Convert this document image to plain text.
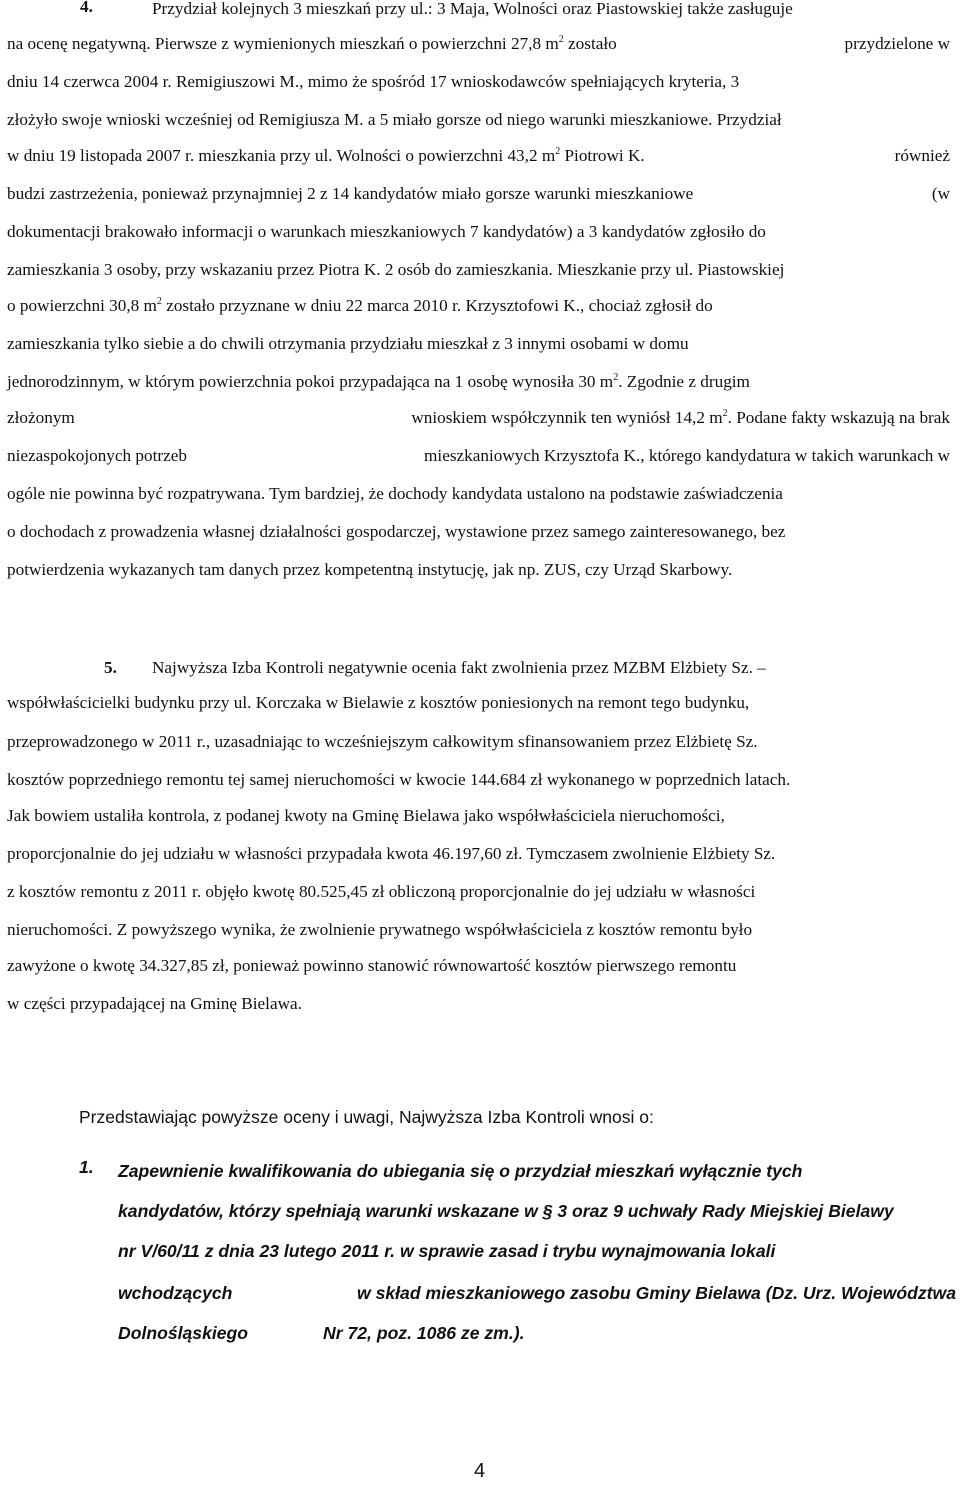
4.	Przydział kolejnych 3 mieszkań przy ul.: 3 Maja, Wolności oraz Piastowskiej także zasługuje
na ocenę negatywną. Pierwsze z wymienionych mieszkań o powierzchni 27,8 $m^2$ zostało	przydzielone w
dniu 14 czerwca 2004 r. Remigiuszowi M., mimo że spośród 17 wnioskodawców spełniających kryteria, 3
złożyło swoje wnioski wcześniej od Remigiusza M. a 5 miało gorsze od niego warunki mieszkaniowe. Przydział
w dniu 19 listopada 2007 r. mieszkania przy ul. Wolności o powierzchni 43,2 $m^2$ Piotrowi K.	również
budzi zastrzeżenia, ponieważ przynajmniej 2 z 14 kandydatów miało gorsze warunki mieszkaniowe	(w
dokumentacji brakowało informacji o warunkach mieszkaniowych 7 kandydatów) a 3 kandydatów zgłosiło do
zamieszkania 3 osoby, przy wskazaniu przez Piotra K. 2 osób do zamieszkania. Mieszkanie przy ul. Piastowskiej
o powierzchni 30,8 $m^2$ zostało przyznane w dniu 22 marca 2010 r. Krzysztofowi K., chociaż zgłosił do
zamieszkania tylko siebie a do chwili otrzymania przydziału mieszkał z 3 innymi osobami w domu
jednorodzinnym, w którym powierzchnia pokoi przypadająca na 1 osobę wynosiła 30 $m^2$. Zgodnie z drugim
złożonym	wnioskiem współczynnik ten wyniósł 14,2 $m^2$. Podane fakty wskazują na brak
niezaspokojonych potrzeb	mieszkaniowych Krzysztofa K., którego kandydatura w takich warunkach w
ogóle nie powinna być rozpatrywana. Tym bardziej, że dochody kandydata ustalono na podstawie zaświadczenia
o dochodach z prowadzenia własnej działalności gospodarczej, wystawione przez samego zainteresowanego, bez
potwierdzenia wykazanych tam danych przez kompetentną instytucję, jak np. ZUS, czy Urząd Skarbowy.
5. Najwyższa Izba Kontroli negatywnie ocenia fakt zwolnienia przez MZBM Elżbiety Sz. –
współwłaścicielki budynku przy ul. Korczaka w Bielawie z kosztów poniesionych na remont tego budynku,
przeprowadzonego w 2011 r., uzasadniając to wcześniejszym całkowitym sfinansowaniem przez Elżbietę Sz.
kosztów poprzedniego remontu tej samej nieruchomości w kwocie 144.684 zł wykonanego w poprzednich latach.
Jak bowiem ustaliła kontrola, z podanej kwoty na Gminę Bielawa jako współwłaściciela nieruchomości,
proporcjonalnie do jej udziału w własności przypadała kwota 46.197,60 zł. Tymczasem zwolnienie Elżbiety Sz.
z kosztów remontu z 2011 r. objęło kwotę 80.525,45 zł obliczoną proporcjonalnie do jej udziału w własności
nieruchomości. Z powyższego wynika, że zwolnienie prywatnego współwłaściciela z kosztów remontu było
zawyżone o kwotę 34.327,85 zł, ponieważ powinno stanowić równowartość kosztów pierwszego remontu
w części przypadającej na Gminę Bielawa.
Zapewnienie kwalifikowania do ubiegania się o przydział mieszkań wyłącznie tych
kandydatów, którzy spełniają warunki wskazane w § 3 oraz 9 uchwały Rady Miejskiej Bielawy
nr V/60/11 z dnia 23 lutego 2011 r. w sprawie zasad i trybu wynajmowania lokali
wchodzących	w skład mieszkaniowego zasobu Gminy Bielawa (Dz. Urz. Województwa
Dolnośląskiego	Nr 72, poz. 1086 ze zm.).
Przedstawiając powyższe oceny i uwagi, Najwyższa Izba Kontroli wnosi o:
1.
4
